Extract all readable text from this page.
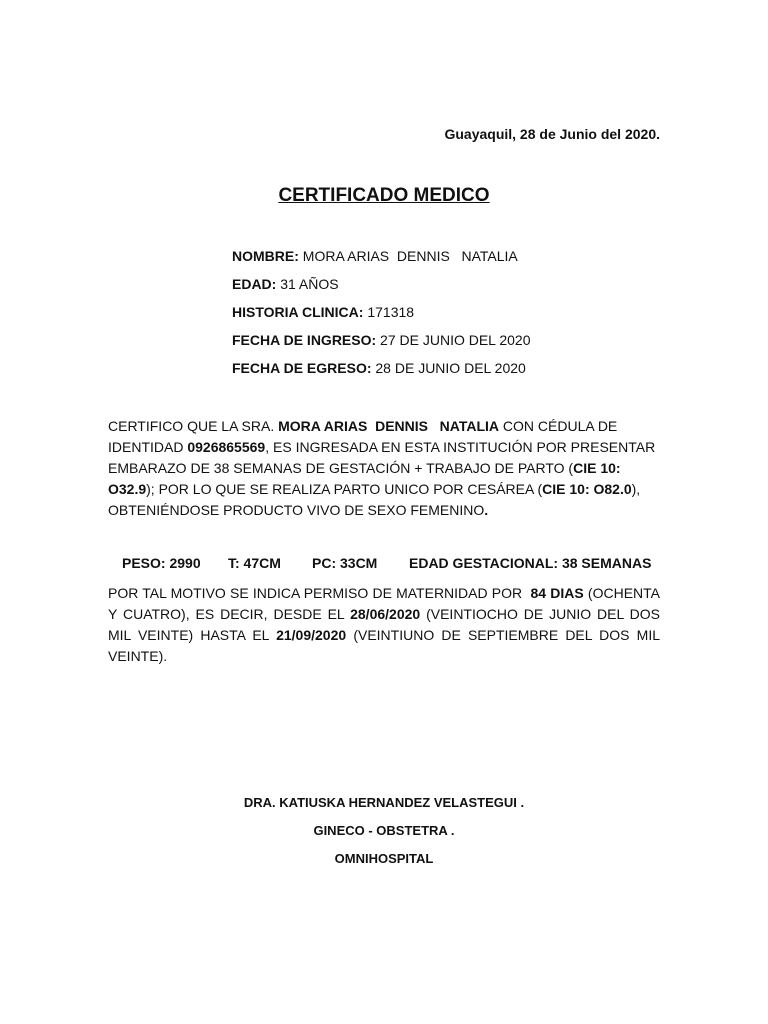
Guayaquil, 28 de Junio del 2020.
CERTIFICADO MEDICO
NOMBRE: MORA ARIAS  DENNIS   NATALIA
EDAD: 31 AÑOS
HISTORIA CLINICA: 171318
FECHA DE INGRESO: 27 DE JUNIO DEL 2020
FECHA DE EGRESO: 28 DE JUNIO DEL 2020
CERTIFICO QUE LA SRA. MORA ARIAS  DENNIS   NATALIA CON CÉDULA DE IDENTIDAD 0926865569, ES INGRESADA EN ESTA INSTITUCIÓN POR PRESENTAR EMBARAZO DE 38 SEMANAS DE GESTACIÓN + TRABAJO DE PARTO (CIE 10: O32.9); POR LO QUE SE REALIZA PARTO UNICO POR CESÁREA (CIE 10: O82.0), OBTENIÉNDOSE PRODUCTO VIVO DE SEXO FEMENINO.
PESO: 2990 T: 47CM PC: 33CM EDAD GESTACIONAL: 38 SEMANAS
POR TAL MOTIVO SE INDICA PERMISO DE MATERNIDAD POR  84 DIAS (OCHENTA Y CUATRO), ES DECIR, DESDE EL 28/06/2020 (VEINTIOCHO DE JUNIO DEL DOS MIL VEINTE) HASTA EL 21/09/2020 (VEINTIUNO DE SEPTIEMBRE DEL DOS MIL VEINTE).
DRA. KATIUSKA HERNANDEZ VELASTEGUI .
GINECO - OBSTETRA .
OMNIHOSPITAL
